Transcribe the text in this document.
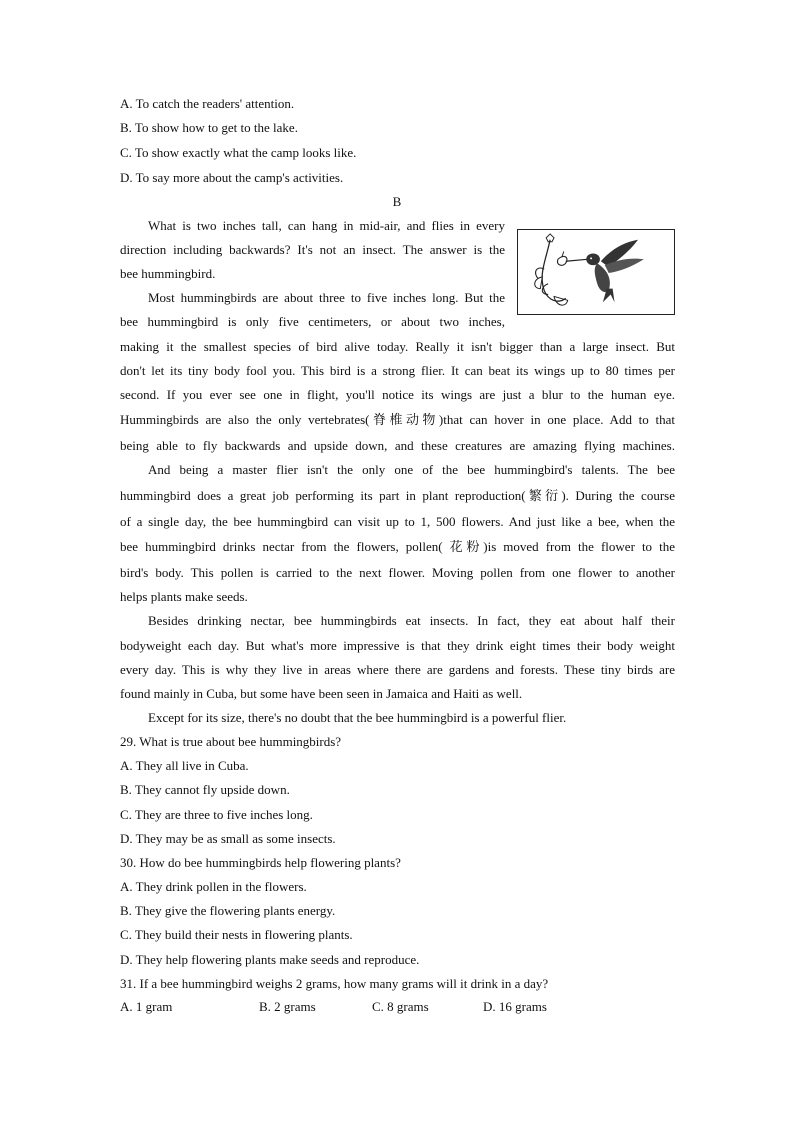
A. To catch the readers' attention.
B. To show how to get to the lake.
C. To show exactly what the camp looks like.
D. To say more about the camp's activities.
B
What is two inches tall, can hang in mid-air, and flies in every
direction including backwards? It's not an insect. The answer is the
bee hummingbird.
Most hummingbirds are about three to five inches long. But the
bee hummingbird is only five centimeters, or about two inches,
making it the smallest species of bird alive today. Really it isn't bigger than a large insect. But
don't let its tiny body fool you. This bird is a strong flier. It can beat its wings up to 80 times per
second. If you ever see one in flight, you'll notice its wings are just a blur to the human eye.
Hummingbirds are also the only vertebrates(脊椎动物)that can hover in one place. Add to that
being able to fly backwards and upside down, and these creatures are amazing flying machines.
And being a master flier isn't the only one of the bee hummingbird's talents. The bee
hummingbird does a great job performing its part in plant reproduction(繁衍). During the course
of a single day, the bee hummingbird can visit up to 1, 500 flowers. And just like a bee, when the
bee hummingbird drinks nectar from the flowers, pollen( 花粉)is moved from the flower to the
bird's body. This pollen is carried to the next flower. Moving pollen from one flower to another
helps plants make seeds.
Besides drinking nectar, bee hummingbirds eat insects. In fact, they eat about half their
bodyweight each day. But what's more impressive is that they drink eight times their body weight
every day. This is why they live in areas where there are gardens and forests. These tiny birds are
found mainly in Cuba, but some have been seen in Jamaica and Haiti as well.
Except for its size, there's no doubt that the bee hummingbird is a powerful flier.
29. What is true about bee hummingbirds?
A. They all live in Cuba.
B. They cannot fly upside down.
C. They are three to five inches long.
D. They may be as small as some insects.
30. How do bee hummingbirds help flowering plants?
A. They drink pollen in the flowers.
B. They give the flowering plants energy.
C. They build their nests in flowering plants.
D. They help flowering plants make seeds and reproduce.
31. If a bee hummingbird weighs 2 grams, how many grams will it drink in a day?
A. 1 gram	B. 2 grams	C. 8 grams	D. 16 grams
